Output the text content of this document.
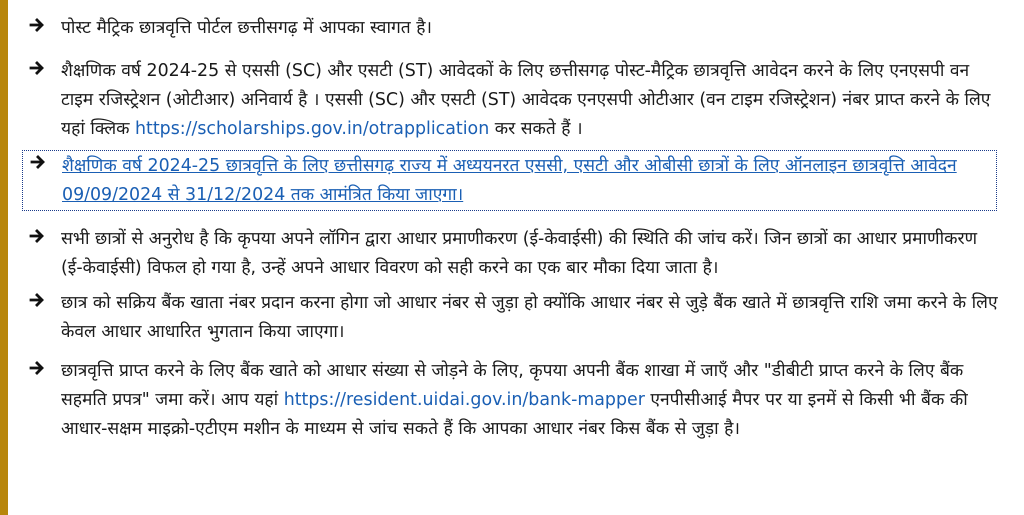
पोस्ट मैट्रिक छात्रवृत्ति पोर्टल छत्तीसगढ़ में आपका स्वागत है।
शैक्षणिक वर्ष 2024-25 से एससी (SC) और एसटी (ST) आवेदकों के लिए छत्तीसगढ़ पोस्ट-मैट्रिक छात्रवृत्ति आवेदन करने के लिए एनएसपी वन टाइम रजिस्ट्रेशन (ओटीआर) अनिवार्य है । एससी (SC) और एसटी (ST) आवेदक एनएसपी ओटीआर (वन टाइम रजिस्ट्रेशन) नंबर प्राप्त करने के लिए यहां क्लिक https://scholarships.gov.in/otrapplication कर सकते हैं ।
शैक्षणिक वर्ष 2024-25 छात्रवृत्ति के लिए छत्तीसगढ़ राज्य में अध्ययनरत एससी, एसटी और ओबीसी छात्रों के लिए ऑनलाइन छात्रवृत्ति आवेदन 09/09/2024 से 31/12/2024 तक आमंत्रित किया जाएगा।
सभी छात्रों से अनुरोध है कि कृपया अपने लॉगिन द्वारा आधार प्रमाणीकरण (ई-केवाईसी) की स्थिति की जांच करें। जिन छात्रों का आधार प्रमाणीकरण (ई-केवाईसी) विफल हो गया है, उन्हें अपने आधार विवरण को सही करने का एक बार मौका दिया जाता है।
छात्र को सक्रिय बैंक खाता नंबर प्रदान करना होगा जो आधार नंबर से जुड़ा हो क्योंकि आधार नंबर से जुड़े बैंक खाते में छात्रवृत्ति राशि जमा करने के लिए केवल आधार आधारित भुगतान किया जाएगा।
छात्रवृत्ति प्राप्त करने के लिए बैंक खाते को आधार संख्या से जोड़ने के लिए, कृपया अपनी बैंक शाखा में जाएँ और "डीबीटी प्राप्त करने के लिए बैंक सहमति प्रपत्र" जमा करें। आप यहां https://resident.uidai.gov.in/bank-mapper एनपीसीआई मैपर पर या इनमें से किसी भी बैंक की आधार-सक्षम माइक्रो-एटीएम मशीन के माध्यम से जांच सकते हैं कि आपका आधार नंबर किस बैंक से जुड़ा है।
